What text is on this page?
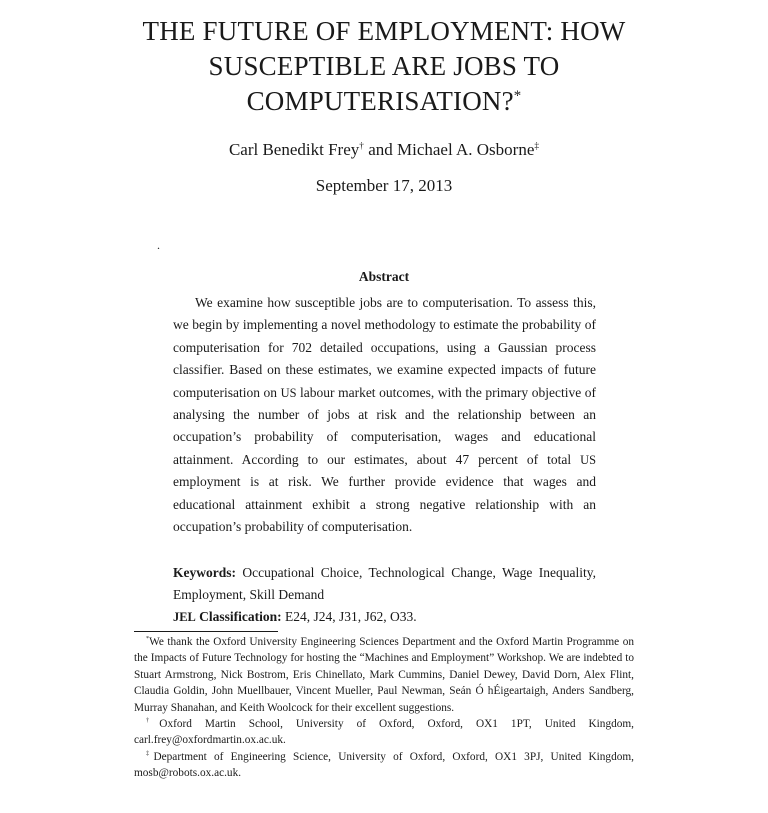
THE FUTURE OF EMPLOYMENT: HOW
SUSCEPTIBLE ARE JOBS TO
COMPUTERISATION?*
Carl Benedikt Frey† and Michael A. Osborne‡
September 17, 2013
.
Abstract

We examine how susceptible jobs are to computerisation. To assess this, we begin by implementing a novel methodology to estimate the probability of computerisation for 702 detailed occupations, using a Gaussian process classifier. Based on these estimates, we examine expected impacts of future computerisation on US labour market outcomes, with the primary objective of analysing the number of jobs at risk and the relationship between an occupation’s probability of computerisation, wages and educational attainment. According to our estimates, about 47 percent of total US employment is at risk. We further provide evidence that wages and educational attainment exhibit a strong negative relationship with an occupation’s probability of computerisation.

Keywords: Occupational Choice, Technological Change, Wage Inequality, Employment, Skill Demand

JEL Classification: E24, J24, J31, J62, O33.

*We thank the Oxford University Engineering Sciences Department and the Oxford Martin Programme on the Impacts of Future Technology for hosting the “Machines and Employment” Workshop. We are indebted to Stuart Armstrong, Nick Bostrom, Eris Chinellato, Mark Cummins, Daniel Dewey, David Dorn, Alex Flint, Claudia Goldin, John Muellbauer, Vincent Mueller, Paul Newman, Seán Ó hÉigeartaigh, Anders Sandberg, Murray Shanahan, and Keith Woolcock for their excellent suggestions.

†Oxford Martin School, University of Oxford, Oxford, OX1 1PT, United Kingdom, carl.frey@oxfordmartin.ox.ac.uk.

‡Department of Engineering Science, University of Oxford, Oxford, OX1 3PJ, United Kingdom, mosb@robots.ox.ac.uk.
